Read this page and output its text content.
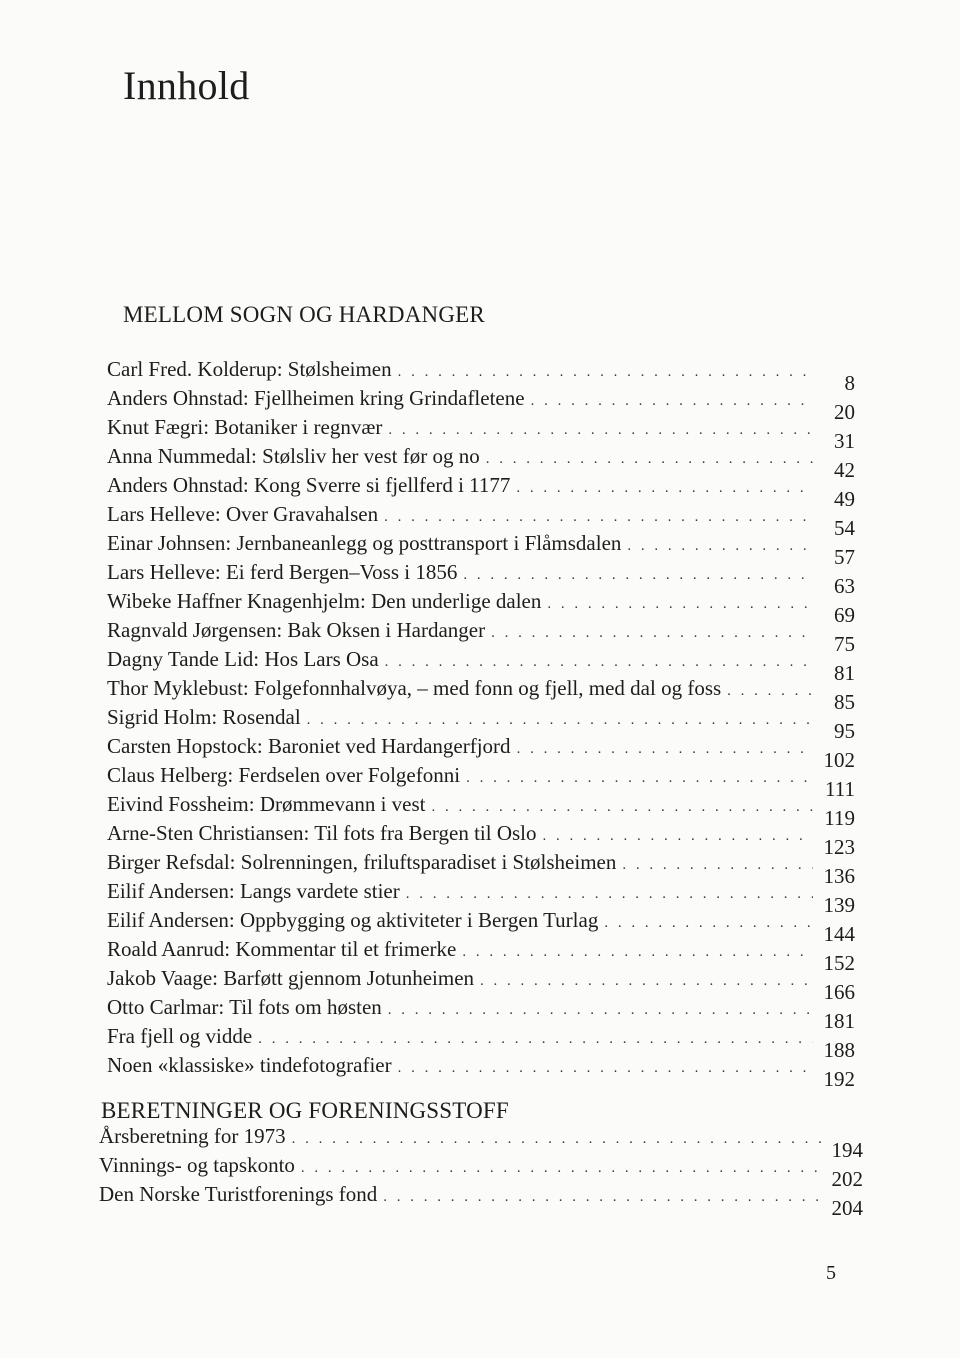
Innhold
MELLOM SOGN OG HARDANGER
Carl Fred. Kolderup: Stølsheimen
. . .
8
Anders Ohnstad: Fjellheimen kring Grindafletene
. . .
20
Knut Fægri: Botaniker i regnvær
. . .
31
Anna Nummedal: Stølsliv her vest før og no
. . .
42
Anders Ohnstad: Kong Sverre si fjellferd i 1177
. . .
49
Lars Helleve: Over Gravahalsen
. . .
54
Einar Johnsen: Jernbaneanlegg og posttransport i Flåmsdalen
. . .
57
Lars Helleve: Ei ferd Bergen–Voss i 1856
. . .
63
Wibeke Haffner Knagenhjelm: Den underlige dalen
. . .
69
Ragnvald Jørgensen: Bak Oksen i Hardanger
. . .
75
Dagny Tande Lid: Hos Lars Osa
. . .
81
Thor Myklebust: Folgefonnhalvøya, – med fonn og fjell, med dal og foss
. . .
85
Sigrid Holm: Rosendal
. . .
95
Carsten Hopstock: Baroniet ved Hardangerfjord
. . .
102
Claus Helberg: Ferdselen over Folgefonni
. . .
111
Eivind Fossheim: Drømmevann i vest
. . .
119
Arne-Sten Christiansen: Til fots fra Bergen til Oslo
. . .
123
Birger Refsdal: Solrenningen, friluftsparadiset i Stølsheimen
. . .
136
Eilif Andersen: Langs vardete stier
. . .
139
Eilif Andersen: Oppbygging og aktiviteter i Bergen Turlag
. . .
144
Roald Aanrud: Kommentar til et frimerke
. . .
152
Jakob Vaage: Barføtt gjennom Jotunheimen
. . .
166
Otto Carlmar: Til fots om høsten
. . .
181
Fra fjell og vidde
. . .
188
Noen «klassiske» tindefotografier
. . .
192
BERETNINGER OG FORENINGSSTOFF
Årsberetning for 1973
. . .
194
Vinnings- og tapskonto
. . .
202
Den Norske Turistforenings fond
. . .
204
5
